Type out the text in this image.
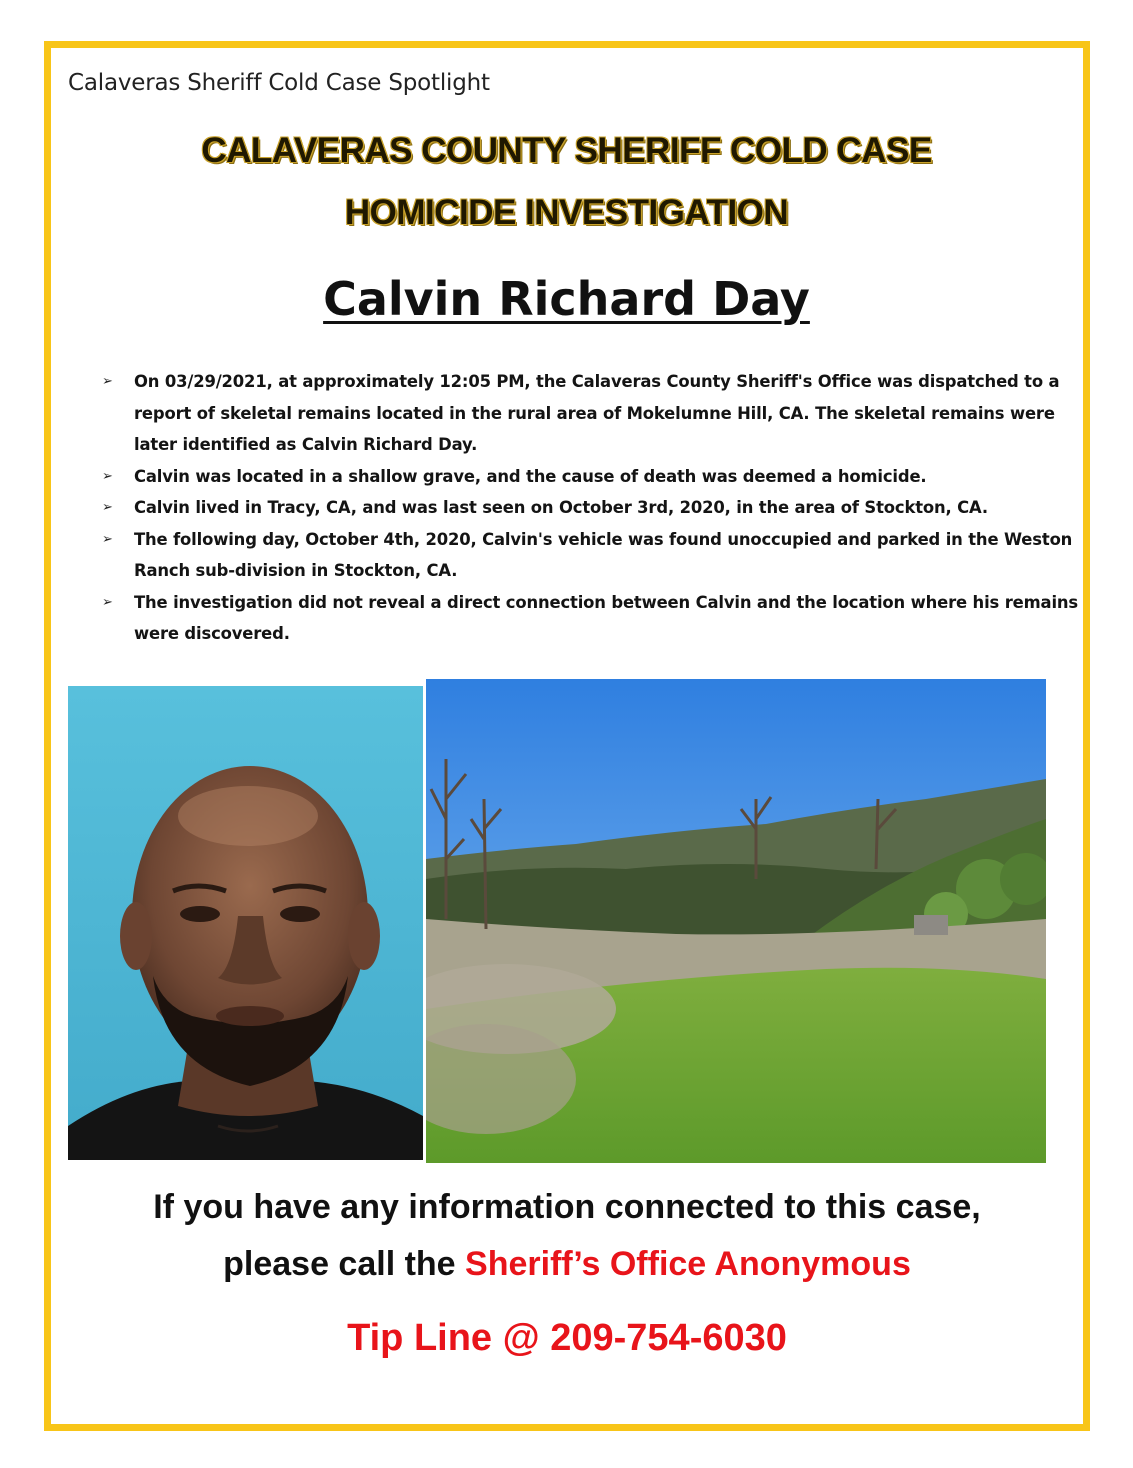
Calaveras Sheriff Cold Case Spotlight
CALAVERAS COUNTY SHERIFF COLD CASE
HOMICIDE INVESTIGATION
Calvin Richard Day
➢ On 03/29/2021, at approximately 12:05 PM, the Calaveras County Sheriff's Office was dispatched to a report of skeletal remains located in the rural area of Mokelumne Hill, CA. The skeletal remains were later identified as Calvin Richard Day.
➢ Calvin was located in a shallow grave, and the cause of death was deemed a homicide.
➢ Calvin lived in Tracy, CA, and was last seen on October 3rd, 2020, in the area of Stockton, CA.
➢ The following day, October 4th, 2020, Calvin's vehicle was found unoccupied and parked in the Weston Ranch sub-division in Stockton, CA.
➢ The investigation did not reveal a direct connection between Calvin and the location where his remains were discovered.
If you have any information connected to this case,
please call the Sheriff’s Office Anonymous
Tip Line @ 209-754-6030
